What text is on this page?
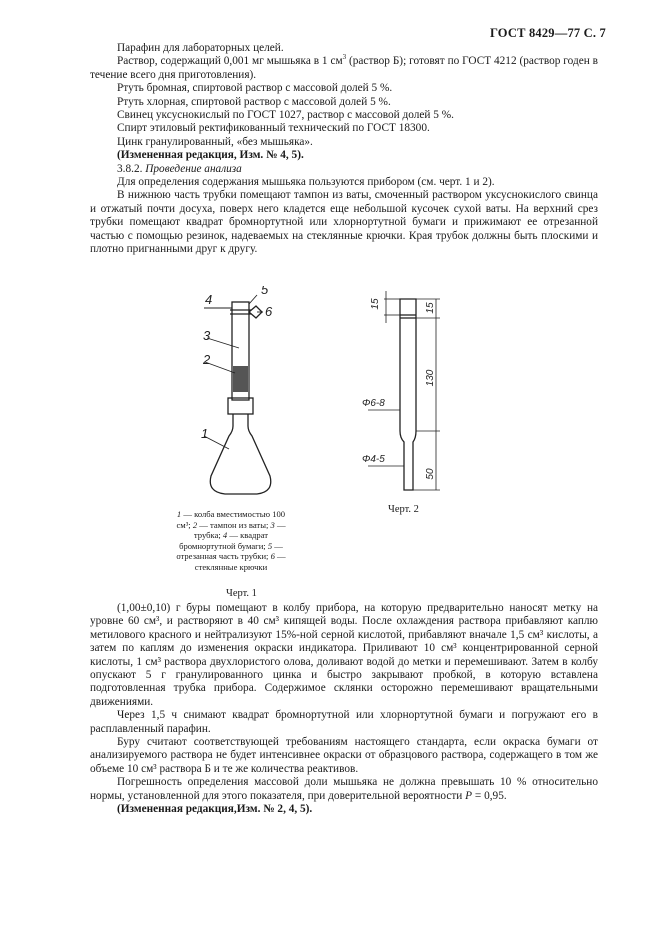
ГОСТ 8429—77 С. 7

Парафин для лабораторных целей.

Раствор, содержащий 0,001 мг мышьяка в 1 $см^3$ (раствор Б); готовят по ГОСТ 4212 (раствор годен в течение всего дня приготовления).

Ртуть бромная, спиртовой раствор с массовой долей 5 %.

Ртуть хлорная, спиртовой раствор с массовой долей 5 %.

Свинец уксуснокислый по ГОСТ 1027, раствор с массовой долей 5 %.

Спирт этиловый ректификованный технический по ГОСТ 18300.

Цинк гранулированный, «без мышьяка».

(Измененная редакция, Изм. № 4, 5).

3.8.2. Проведение анализа

Для определения содержания мышьяка пользуются прибором (см. черт. 1 и 2).

В нижнюю часть трубки помещают тампон из ваты, смоченный раствором уксуснокислого свинца и отжатый почти досуха, поверх него кладется еще небольшой кусочек сухой ваты. На верхний срез трубки помещают квадрат бромнортутной или хлорнортутной бумаги и прижимают ее отрезанной частью с помощью резинок, надеваемых на стеклянные крючки. Края трубок должны быть плоскими и плотно пригнанными друг к другу.

4
5
6
3
2
1
1 — колба вместимостью 100 см³; 2 — тампон из ваты; 3 — трубка; 4 — квадрат бромнортутной бумаги; 5 — отрезанная часть трубки; 6 — стеклянные крючки
Черт. 1
15	15
130
50
Φ6-8
Φ4-5
Черт. 2

(1,00±0,10) г буры помещают в колбу прибора, на которую предварительно наносят метку на уровне 60 см³, и растворяют в 40 см³ кипящей воды. После охлаждения раствора прибавляют каплю метилового красного и нейтрализуют 15%-ной серной кислотой, прибавляют вначале 1,5 см³ кислоты, а затем по каплям до изменения окраски индикатора. Приливают 10 см³ концентрированной серной кислоты, 1 см³ раствора двухлористого олова, доливают водой до метки и перемешивают. Затем в колбу опускают 5 г гранулированного цинка и быстро закрывают пробкой, в которую вставлена подготовленная трубка прибора. Содержимое склянки осторожно перемешивают вращательными движениями.

Через 1,5 ч снимают квадрат бромнортутной или хлорнортутной бумаги и погружают его в расплавленный парафин.

Буру считают соответствующей требованиям настоящего стандарта, если окраска бумаги от анализируемого раствора не будет интенсивнее окраски от образцового раствора, содержащего в том же объеме 10 см³ раствора Б и те же количества реактивов.

Погрешность определения массовой доли мышьяка не должна превышать 10 % относительно нормы, установленной для этого показателя, при доверительной вероятности P = 0,95.

(Измененная редакция,Изм. № 2, 4, 5).
